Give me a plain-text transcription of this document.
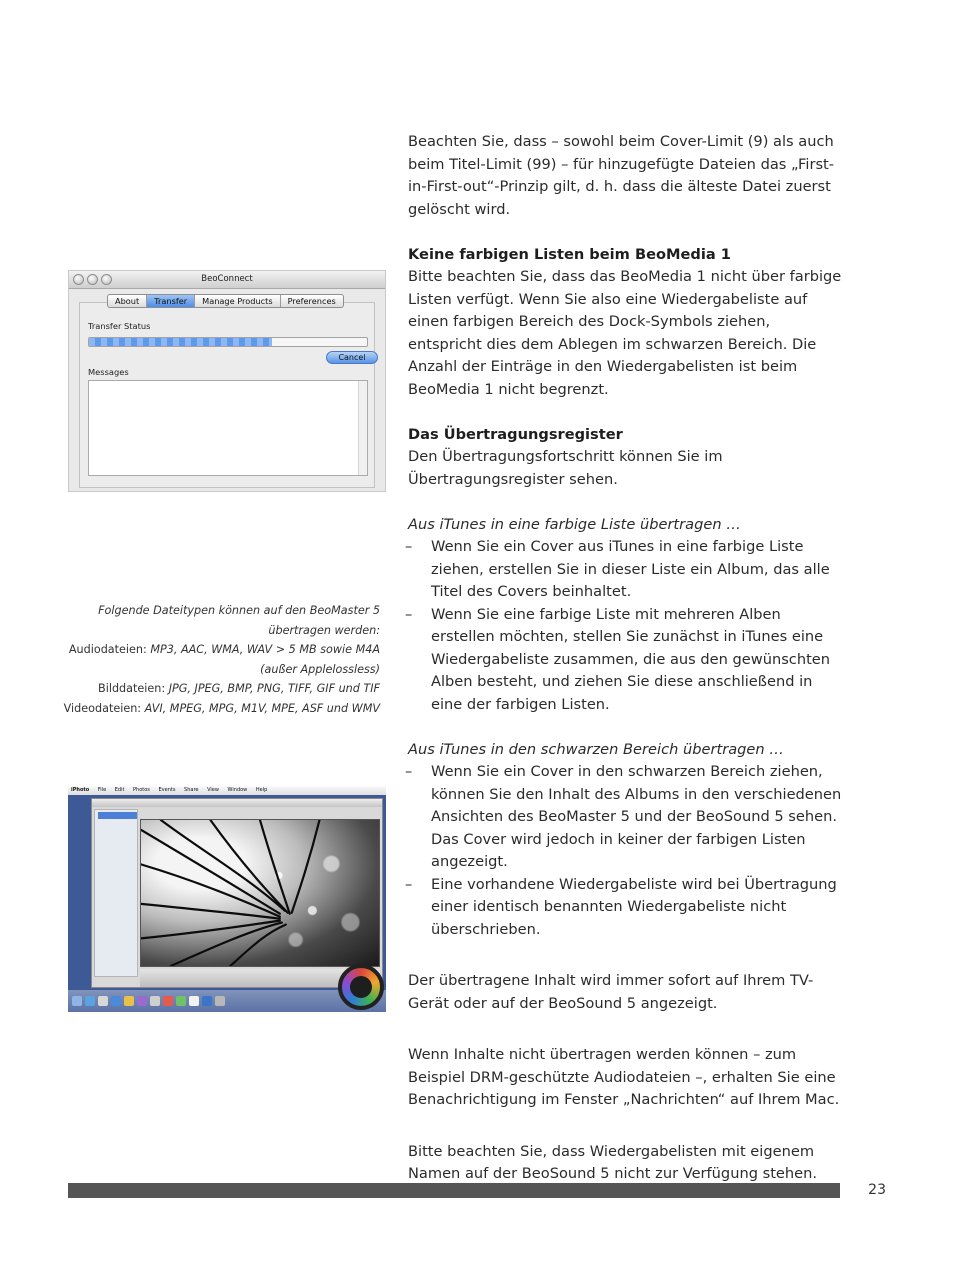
Beachten Sie, dass – sowohl beim Cover-Limit (9) als auch beim Titel-Limit (99) – für hinzugefügte Dateien das „First-in-First-out“-Prinzip gilt, d. h. dass die älteste Datei zuerst gelöscht wird.

Keine farbigen Listen beim BeoMedia 1

Bitte beachten Sie, dass das BeoMedia 1 nicht über farbige Listen verfügt. Wenn Sie also eine Wiedergabeliste auf einen farbigen Bereich des Dock-Symbols ziehen, entspricht dies dem Ablegen im schwarzen Bereich. Die Anzahl der Einträge in den Wiedergabelisten ist beim BeoMedia 1 nicht begrenzt.

Das Übertragungsregister

Den Übertragungsfortschritt können Sie im Übertragungsregister sehen.

Aus iTunes in eine farbige Liste übertragen …

– Wenn Sie ein Cover aus iTunes in eine farbige Liste ziehen, erstellen Sie in dieser Liste ein Album, das alle Titel des Covers beinhaltet.
– Wenn Sie eine farbige Liste mit mehreren Alben erstellen möchten, stellen Sie zunächst in iTunes eine Wiedergabeliste zusammen, die aus den gewünschten Alben besteht, und ziehen Sie diese anschließend in eine der farbigen Listen.

Aus iTunes in den schwarzen Bereich übertragen …

– Wenn Sie ein Cover in den schwarzen Bereich ziehen, können Sie den Inhalt des Albums in den verschiedenen Ansichten des BeoMaster 5 und der BeoSound 5 sehen. Das Cover wird jedoch in keiner der farbigen Listen angezeigt.
– Eine vorhandene Wiedergabeliste wird bei Übertragung einer identisch benannten Wiedergabeliste nicht überschrieben.

Der übertragene Inhalt wird immer sofort auf Ihrem TV-Gerät oder auf der BeoSound 5 angezeigt.

Wenn Inhalte nicht übertragen werden können – zum Beispiel DRM-geschützte Audiodateien –, erhalten Sie eine Benachrichtigung im Fenster „Nachrichten“ auf Ihrem Mac.

Bitte beachten Sie, dass Wiedergabelisten mit eigenem Namen auf der BeoSound 5 nicht zur Verfügung stehen.

BeoConnect
Transfer Status
Cancel
Messages
About	Transfer	Manage Products	Preferences
Folgende Dateitypen können auf den BeoMaster 5 übertragen werden:
Audiodateien: MP3, AAC, WMA, WAV > 5 MB sowie M4A (außer Applelossless)
Bilddateien: JPG, JPEG, BMP, PNG, TIFF, GIF und TIF
Videodateien: AVI, MPEG, MPG, M1V, MPE, ASF und WMV
iPhoto File Edit Photos Events Share View Window Help

23
